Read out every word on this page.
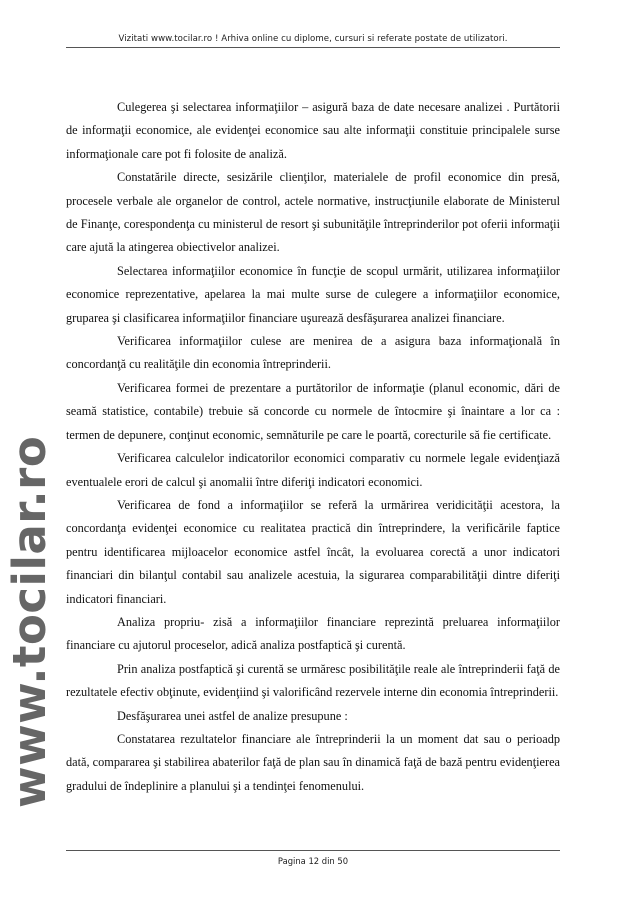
Vizitati www.tocilar.ro ! Arhiva online cu diplome, cursuri si referate postate de utilizatori.
www.tocilar.ro

Culegerea şi selectarea informaţiilor – asigură baza de date necesare analizei . Purtătorii de informaţii economice, ale evidenţei economice sau alte informaţii constituie principalele surse informaţionale care pot fi folosite de analiză.

Constatările directe, sesizările clienţilor, materialele de profil economice din presă, procesele verbale ale organelor de control, actele normative, instrucţiunile elaborate de Ministerul de Finanţe, corespondenţa cu ministerul de resort şi subunităţile întreprinderilor pot oferii informaţii care ajută la atingerea obiectivelor analizei.

Selectarea informaţiilor economice în funcţie de scopul urmărit, utilizarea informaţiilor economice reprezentative, apelarea la mai multe surse de culegere a informaţiilor economice, gruparea şi clasificarea informaţiilor financiare uşurează desfăşurarea analizei financiare.

Verificarea informaţiilor culese are menirea de a asigura baza informaţională în concordanţă cu realităţile din economia întreprinderii.

Verificarea formei de prezentare a purtătorilor de informaţie (planul economic, dări de seamă statistice, contabile) trebuie să concorde cu normele de întocmire şi înaintare a lor ca : termen de depunere, conţinut economic, semnăturile pe care le poartă, corecturile să fie certificate.

Verificarea calculelor indicatorilor economici comparativ cu normele legale evidenţiază eventualele erori de calcul şi anomalii între diferiţi indicatori economici.

Verificarea de fond a informaţiilor se referă la urmărirea veridicităţii acestora, la concordanţa evidenţei economice cu realitatea practică din întreprindere, la verificările faptice pentru identificarea mijloacelor economice astfel încât, la evoluarea corectă a unor indicatori financiari din bilanţul contabil sau analizele acestuia, la sigurarea comparabilităţii dintre diferiţi indicatori financiari.

Analiza propriu- zisă a informaţiilor financiare reprezintă preluarea informaţiilor financiare cu ajutorul proceselor, adică analiza postfaptică şi curentă.

Prin analiza postfaptică şi curentă se urmăresc posibilităţile reale ale întreprinderii faţă de rezultatele efectiv obţinute, evidenţiind şi valorificând rezervele interne din economia întreprinderii.

Desfăşurarea unei astfel de analize presupune :

Constatarea rezultatelor financiare ale întreprinderii la un moment dat sau o perioadp dată, compararea şi stabilirea abaterilor faţă de plan sau în dinamică faţă de bază pentru evidenţierea gradului de îndeplinire a planului şi a tendinţei fenomenului.

Pagina 12 din 50
